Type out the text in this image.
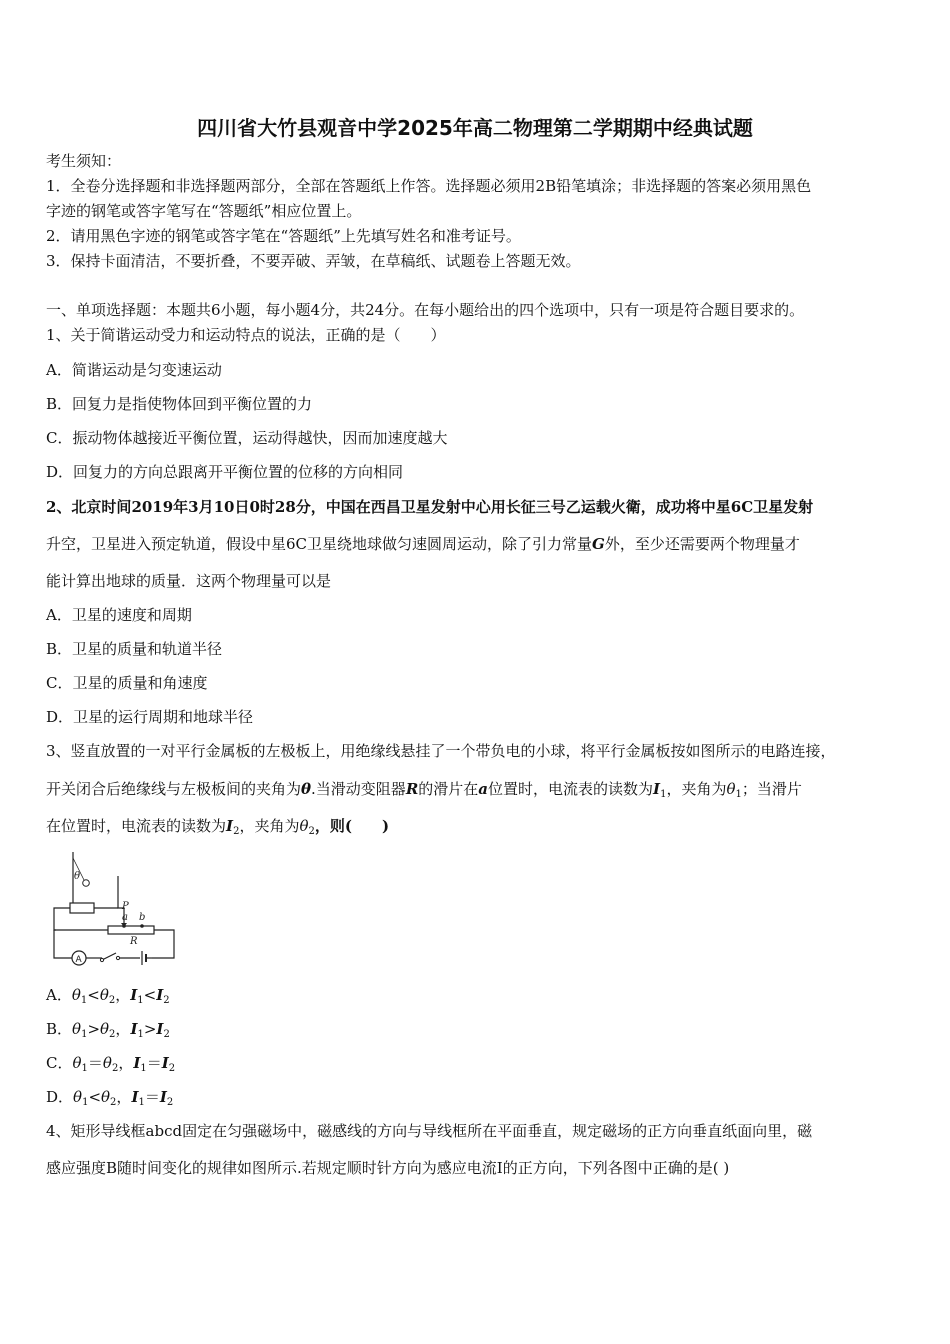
四川省大竹县观音中学2025年高二物理第二学期期中经典试题
考生须知：
1．全卷分选择题和非选择题两部分，全部在答题纸上作答。选择题必须用2B铅笔填涂；非选择题的答案必须用黑色
字迹的钢笔或答字笔写在“答题纸”相应位置上。
2．请用黑色字迹的钢笔或答字笔在“答题纸”上先填写姓名和准考证号。
3．保持卡面清洁，不要折叠，不要弄破、弄皱，在草稿纸、试题卷上答题无效。
一、单项选择题：本题共6小题，每小题4分，共24分。在每小题给出的四个选项中，只有一项是符合题目要求的。
1、关于简谐运动受力和运动特点的说法，正确的是（　　）
A．简谐运动是匀变速运动
B．回复力是指使物体回到平衡位置的力
C．振动物体越接近平衡位置，运动得越快，因而加速度越大
D．回复力的方向总跟离开平衡位置的位移的方向相同
2、北京时间2019年3月10日0时28分，中国在西昌卫星发射中心用长征三号乙运载火衛，成功将中星6C卫星发射
升空，卫星进入预定轨道，假设中星6C卫星绕地球做匀速圆周运动，除了引力常量G外，至少还需要两个物理量才
能计算出地球的质量．这两个物理量可以是
A．卫星的速度和周期
B．卫星的质量和轨道半径
C．卫星的质量和角速度
D．卫星的运行周期和地球半径
3、竖直放置的一对平行金属板的左极板上，用绝缘线悬挂了一个带负电的小球，将平行金属板按如图所示的电路连接，
开关闭合后绝缘线与左极板间的夹角为θ.当滑动变阻器R的滑片在a位置时，电流表的读数为$I_1$，夹角为$\theta_1$；当滑片
在位置时，电流表的读数为$I_2$，夹角为$\theta_2$，则(　　)
θ
P
a b
R
A
A．$\theta_1<\theta_2$，$I_1<I_2$
B．$\theta_1>\theta_2$，$I_1>I_2$
C．$\theta_1=\theta_2$，$I_1=I_2$
D．$\theta_1<\theta_2$，$I_1=I_2$
4、矩形导线框abcd固定在匀强磁场中，磁感线的方向与导线框所在平面垂直，规定磁场的正方向垂直纸面向里，磁
感应强度B随时间变化的规律如图所示.若规定顺时针方向为感应电流I的正方向，下列各图中正确的是( )
